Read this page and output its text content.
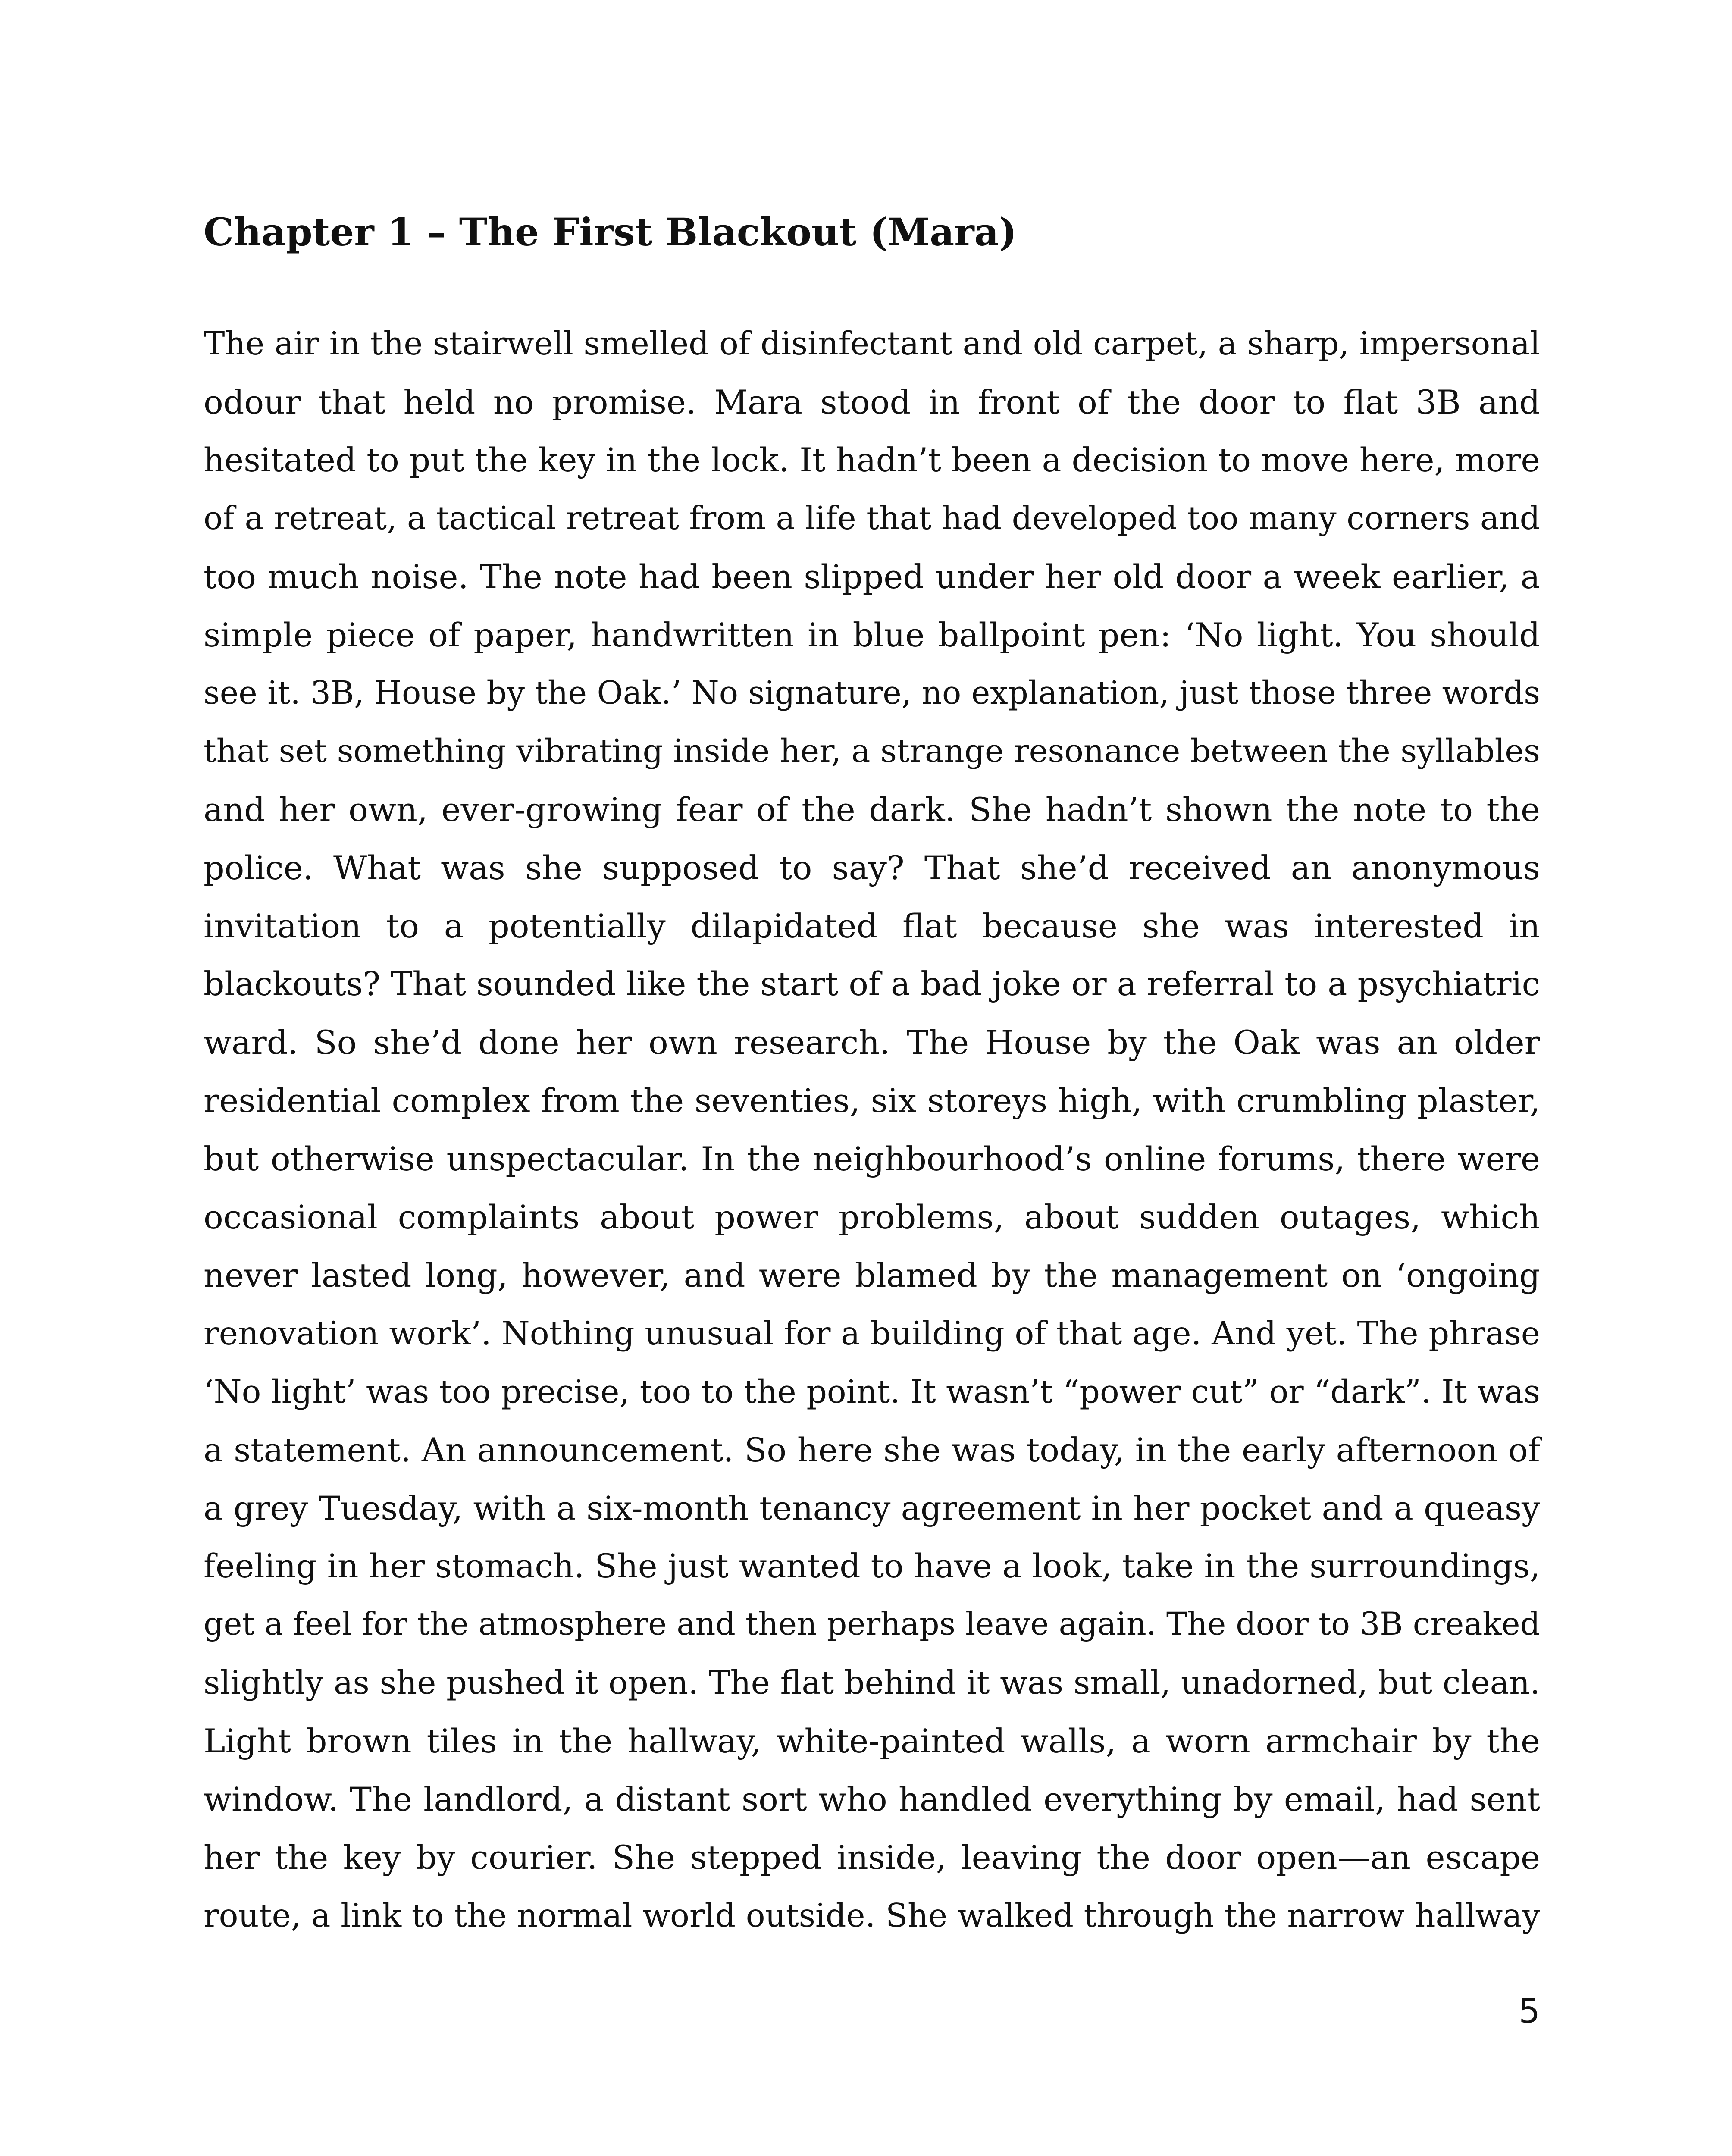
Chapter 1 – The First Blackout (Mara)
The air in the stairwell smelled of disinfectant and old carpet, a sharp, impersonal
odour that held no promise. Mara stood in front of the door to flat 3B and
hesitated to put the key in the lock. It hadn’t been a decision to move here, more
of a retreat, a tactical retreat from a life that had developed too many corners and
too much noise. The note had been slipped under her old door a week earlier, a
simple piece of paper, handwritten in blue ballpoint pen: ‘No light. You should
see it. 3B, House by the Oak.’ No signature, no explanation, just those three words
that set something vibrating inside her, a strange resonance between the syllables
and her own, ever-growing fear of the dark. She hadn’t shown the note to the
police. What was she supposed to say? That she’d received an anonymous
invitation to a potentially dilapidated flat because she was interested in
blackouts? That sounded like the start of a bad joke or a referral to a psychiatric
ward. So she’d done her own research. The House by the Oak was an older
residential complex from the seventies, six storeys high, with crumbling plaster,
but otherwise unspectacular. In the neighbourhood’s online forums, there were
occasional complaints about power problems, about sudden outages, which
never lasted long, however, and were blamed by the management on ‘ongoing
renovation work’. Nothing unusual for a building of that age. And yet. The phrase
‘No light’ was too precise, too to the point. It wasn’t “power cut” or “dark”. It was
a statement. An announcement. So here she was today, in the early afternoon of
a grey Tuesday, with a six-month tenancy agreement in her pocket and a queasy
feeling in her stomach. She just wanted to have a look, take in the surroundings,
get a feel for the atmosphere and then perhaps leave again. The door to 3B creaked
slightly as she pushed it open. The flat behind it was small, unadorned, but clean.
Light brown tiles in the hallway, white-painted walls, a worn armchair by the
window. The landlord, a distant sort who handled everything by email, had sent
her the key by courier. She stepped inside, leaving the door open—an escape
route, a link to the normal world outside. She walked through the narrow hallway
5
